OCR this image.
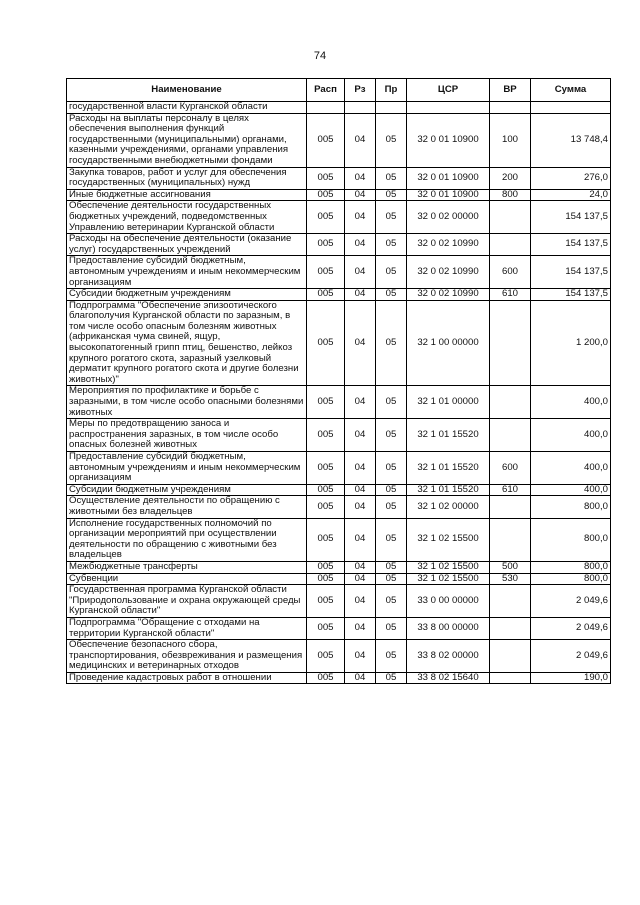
74
Наименование	Расп	Рз	Пр	ЦСР	ВР	Сумма
государственной власти Курганской области						
Расходы на выплаты персоналу в целях обеспечения выполнения функций государственными (муниципальными) органами, казенными учреждениями, органами управления государственными внебюджетными фондами	005	04	05	32 0 01 10900	100	13 748,4
Закупка товаров, работ и услуг для обеспечения государственных (муниципальных) нужд	005	04	05	32 0 01 10900	200	276,0
Иные бюджетные ассигнования	005	04	05	32 0 01 10900	800	24,0
Обеспечение деятельности государственных бюджетных учреждений, подведомственных Управлению ветеринарии Курганской области	005	04	05	32 0 02 00000		154 137,5
Расходы на обеспечение деятельности (оказание услуг) государственных учреждений	005	04	05	32 0 02 10990		154 137,5
Предоставление субсидий бюджетным, автономным учреждениям и иным некоммерческим организациям	005	04	05	32 0 02 10990	600	154 137,5
Субсидии бюджетным учреждениям	005	04	05	32 0 02 10990	610	154 137,5
Подпрограмма "Обеспечение эпизоотического благополучия Курганской области по заразным, в том числе особо опасным болезням животных (африканская чума свиней, ящур, высокопатогенный грипп птиц, бешенство, лейкоз крупного рогатого скота, заразный узелковый дерматит крупного рогатого скота и другие болезни животных)"	005	04	05	32 1 00 00000		1 200,0
Мероприятия по профилактике и борьбе с заразными, в том числе особо опасными болезнями животных	005	04	05	32 1 01 00000		400,0
Меры по предотвращению заноса и распространения заразных, в том числе особо опасных болезней животных	005	04	05	32 1 01 15520		400,0
Предоставление субсидий бюджетным, автономным учреждениям и иным некоммерческим организациям	005	04	05	32 1 01 15520	600	400,0
Субсидии бюджетным учреждениям	005	04	05	32 1 01 15520	610	400,0
Осуществление деятельности по обращению с животными без владельцев	005	04	05	32 1 02 00000		800,0
Исполнение государственных полномочий по организации мероприятий при осуществлении деятельности по обращению с животными без владельцев	005	04	05	32 1 02 15500		800,0
Межбюджетные трансферты	005	04	05	32 1 02 15500	500	800,0
Субвенции	005	04	05	32 1 02 15500	530	800,0
Государственная программа Курганской области "Природопользование и охрана окружающей среды Курганской области"	005	04	05	33 0 00 00000		2 049,6
Подпрограмма "Обращение с отходами на территории Курганской области"	005	04	05	33 8 00 00000		2 049,6
Обеспечение безопасного сбора, транспортирования, обезвреживания и размещения медицинских и ветеринарных отходов	005	04	05	33 8 02 00000		2 049,6
Проведение кадастровых работ в отношении	005	04	05	33 8 02 15640		190,0
